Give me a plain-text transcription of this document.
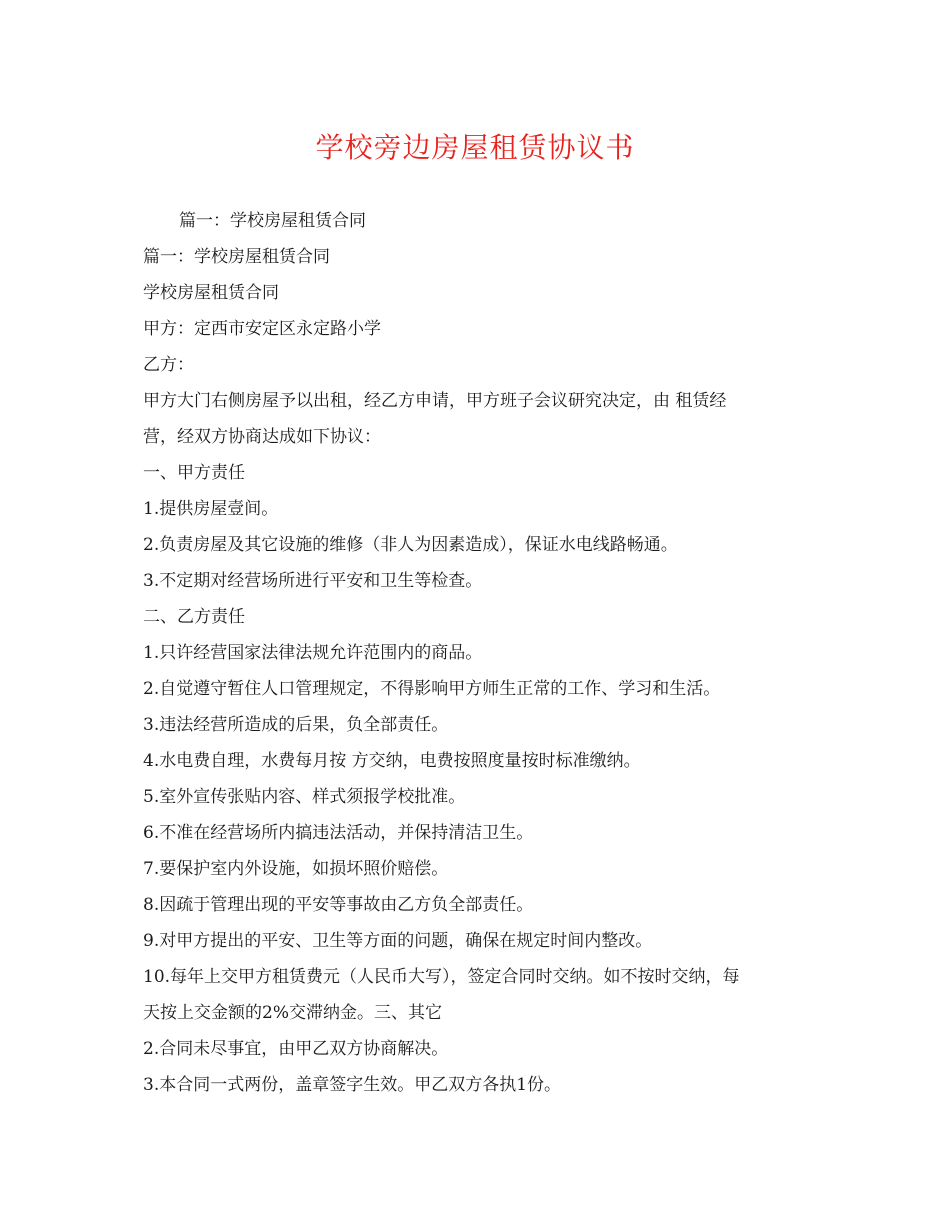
学校旁边房屋租赁协议书
篇一：学校房屋租赁合同
篇一：学校房屋租赁合同
学校房屋租赁合同
甲方：定西市安定区永定路小学
乙方：
甲方大门右侧房屋予以出租，经乙方申请，甲方班子会议研究决定，由 租赁经
营，经双方协商达成如下协议：
一、甲方责任
1.提供房屋壹间。
2.负责房屋及其它设施的维修（非人为因素造成），保证水电线路畅通。
3.不定期对经营场所进行平安和卫生等检查。
二、乙方责任
1.只许经营国家法律法规允许范围内的商品。
2.自觉遵守暂住人口管理规定，不得影响甲方师生正常的工作、学习和生活。
3.违法经营所造成的后果，负全部责任。
4.水电费自理，水费每月按 方交纳，电费按照度量按时标准缴纳。
5.室外宣传张贴内容、样式须报学校批准。
6.不准在经营场所内搞违法活动，并保持清洁卫生。
7.要保护室内外设施，如损坏照价赔偿。
8.因疏于管理出现的平安等事故由乙方负全部责任。
9.对甲方提出的平安、卫生等方面的问题，确保在规定时间内整改。
10.每年上交甲方租赁费元（人民币大写），签定合同时交纳。如不按时交纳，每
天按上交金额的2%交滞纳金。三、其它
2.合同未尽事宜，由甲乙双方协商解决。
3.本合同一式两份，盖章签字生效。甲乙双方各执1份。
